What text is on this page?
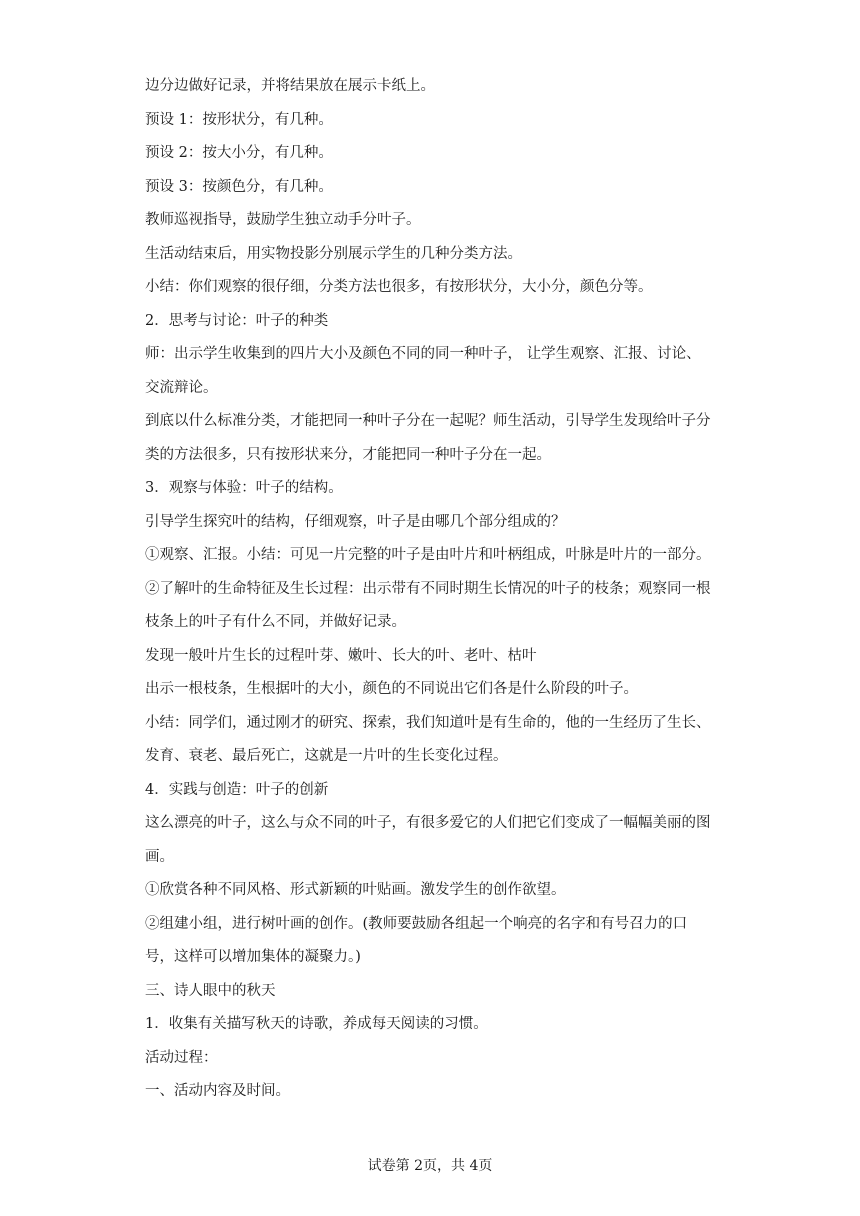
边分边做好记录，并将结果放在展示卡纸上。

预设 1：按形状分，有几种。

预设 2：按大小分，有几种。

预设 3：按颜色分，有几种。

教师巡视指导，鼓励学生独立动手分叶子。

生活动结束后，用实物投影分别展示学生的几种分类方法。

小结：你们观察的很仔细，分类方法也很多，有按形状分，大小分，颜色分等。

2．思考与讨论：叶子的种类

师：出示学生收集到的四片大小及颜色不同的同一种叶子， 让学生观察、汇报、讨论、交流辩论。

到底以什么标准分类，才能把同一种叶子分在一起呢？师生活动，引导学生发现给叶子分类的方法很多，只有按形状来分，才能把同一种叶子分在一起。

3．观察与体验：叶子的结构。

引导学生探究叶的结构，仔细观察，叶子是由哪几个部分组成的？

①观察、汇报。小结：可见一片完整的叶子是由叶片和叶柄组成，叶脉是叶片的一部分。

②了解叶的生命特征及生长过程：出示带有不同时期生长情况的叶子的枝条；观察同一根枝条上的叶子有什么不同，并做好记录。

发现一般叶片生长的过程叶芽、嫩叶、长大的叶、老叶、枯叶

出示一根枝条，生根据叶的大小，颜色的不同说出它们各是什么阶段的叶子。

小结：同学们，通过刚才的研究、探索，我们知道叶是有生命的，他的一生经历了生长、发育、衰老、最后死亡，这就是一片叶的生长变化过程。

4．实践与创造：叶子的创新

这么漂亮的叶子，这么与众不同的叶子，有很多爱它的人们把它们变成了一幅幅美丽的图画。

①欣赏各种不同风格、形式新颖的叶贴画。激发学生的创作欲望。

②组建小组，进行树叶画的创作。(教师要鼓励各组起一个响亮的名字和有号召力的口号，这样可以增加集体的凝聚力。)

三、诗人眼中的秋天

1．收集有关描写秋天的诗歌，养成每天阅读的习惯。

活动过程：

一、活动内容及时间。

试卷第 2页，共 4页
